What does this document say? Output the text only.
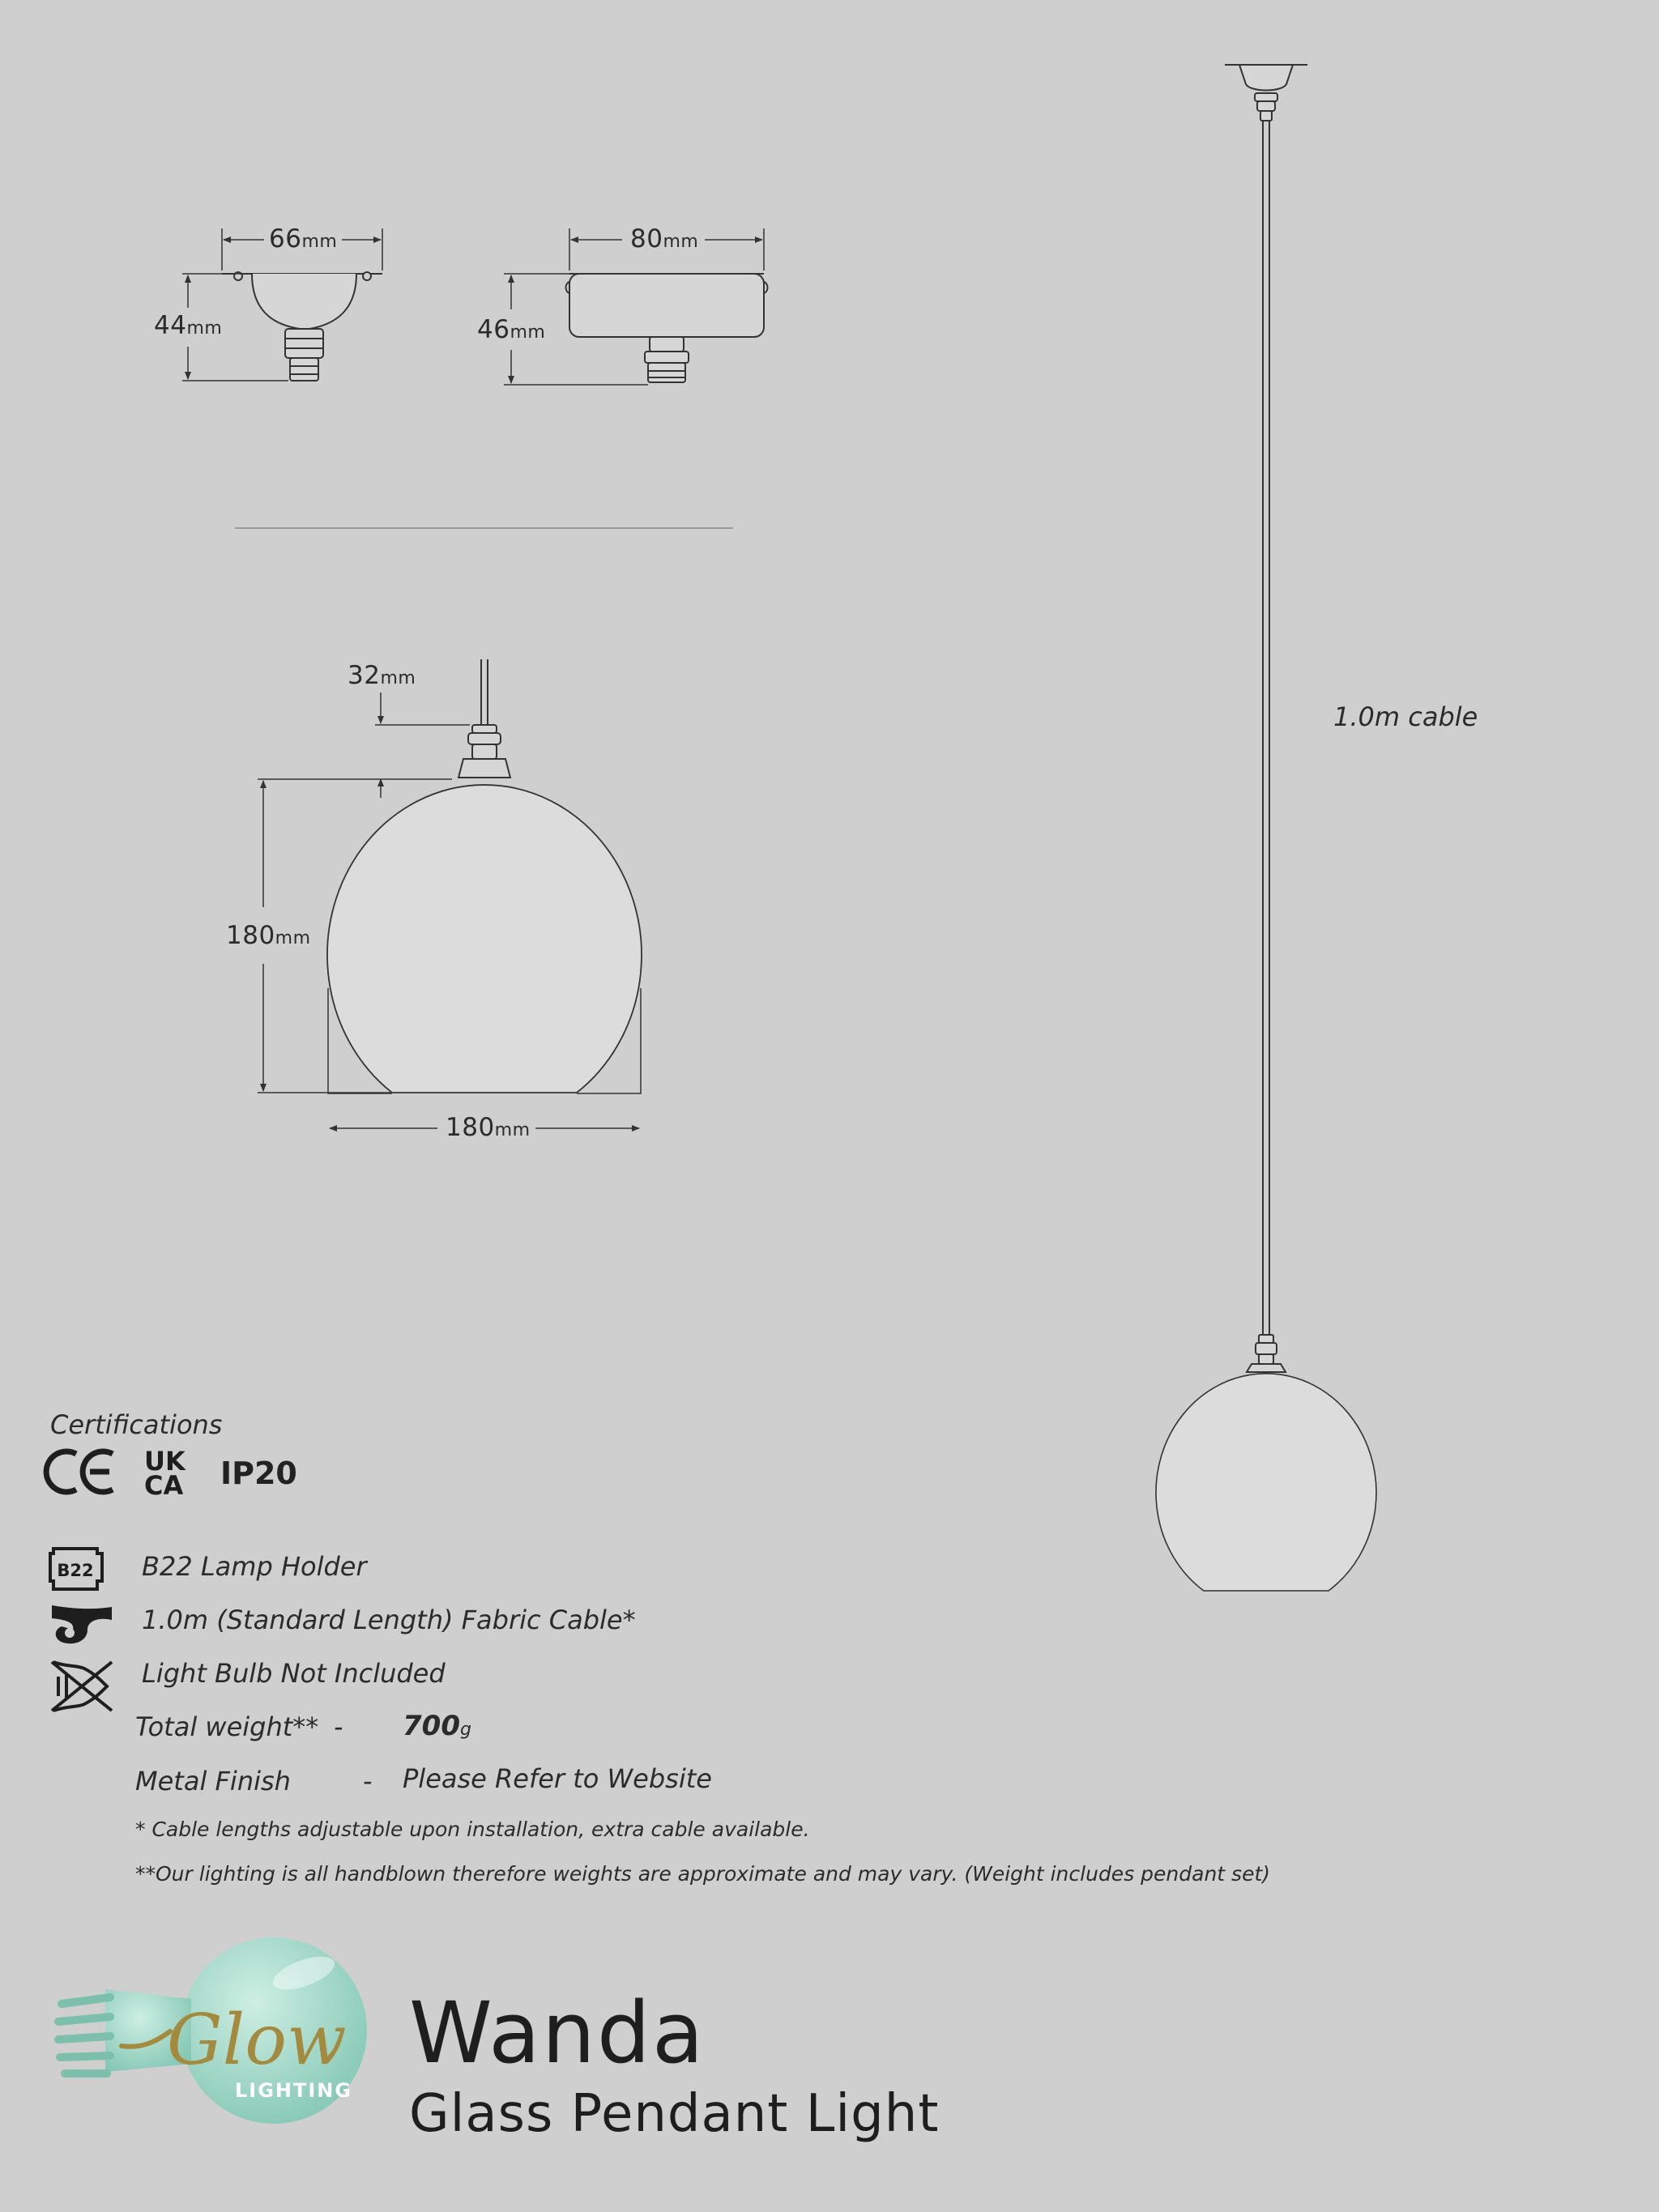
UK
CA
B22
Glow
LIGHTING
66mm
44mm
80mm
46mm
32mm
180mm
180mm
1.0m cable
Certifications
IP20
B22 Lamp Holder
1.0m (Standard Length) Fabric Cable*
Light Bulb Not Included
Total weight** - 700g
Metal Finish	- Please Refer to Website
* Cable lengths adjustable upon installation, extra cable available.
**Our lighting is all handblown therefore weights are approximate and may vary. (Weight includes pendant set)
Wanda
Glass Pendant Light
